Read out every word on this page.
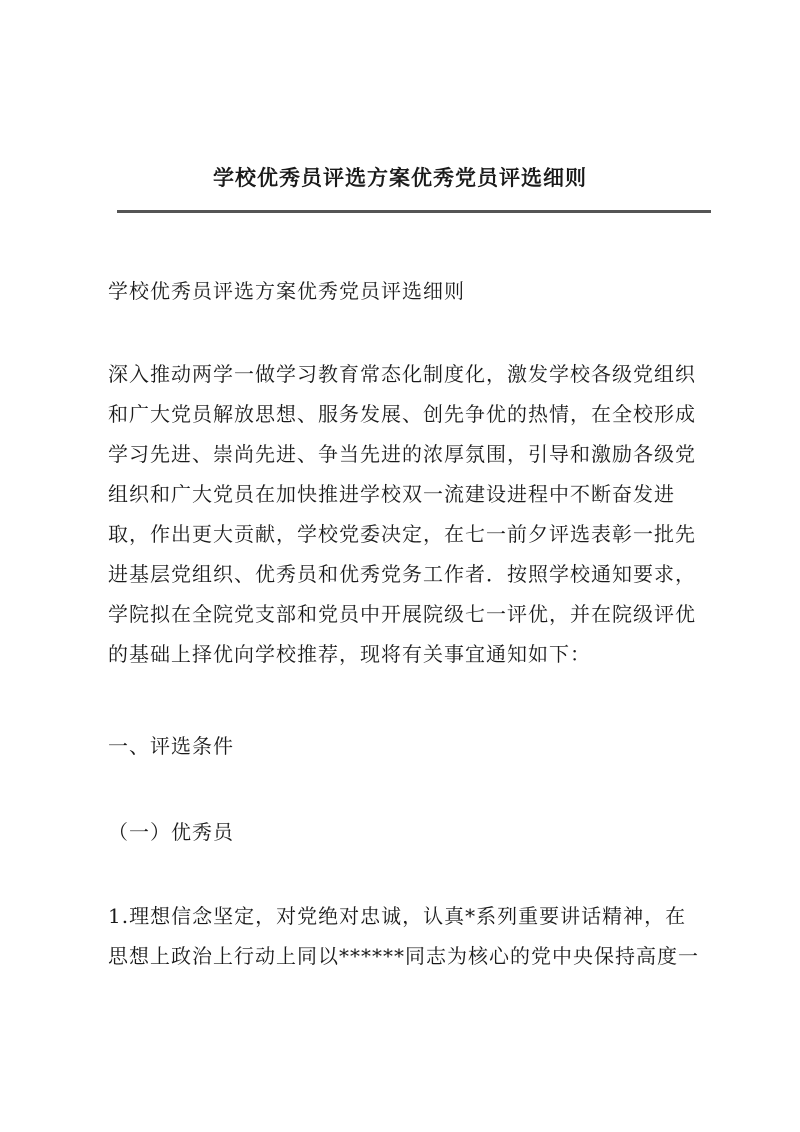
学校优秀员评选方案优秀党员评选细则

学校优秀员评选方案优秀党员评选细则

深入推动两学一做学习教育常态化制度化，激发学校各级党组织
和广大党员解放思想、服务发展、创先争优的热情，在全校形成
学习先进、崇尚先进、争当先进的浓厚氛围，引导和激励各级党
组织和广大党员在加快推进学校双一流建设进程中不断奋发进
取，作出更大贡献，学校党委决定，在七一前夕评选表彰一批先
进基层党组织、优秀员和优秀党务工作者．按照学校通知要求，
学院拟在全院党支部和党员中开展院级七一评优，并在院级评优
的基础上择优向学校推荐，现将有关事宜通知如下：

一、评选条件

（一）优秀员

1.理想信念坚定，对党绝对忠诚，认真*系列重要讲话精神，在
思想上政治上行动上同以******同志为核心的党中央保持高度一
